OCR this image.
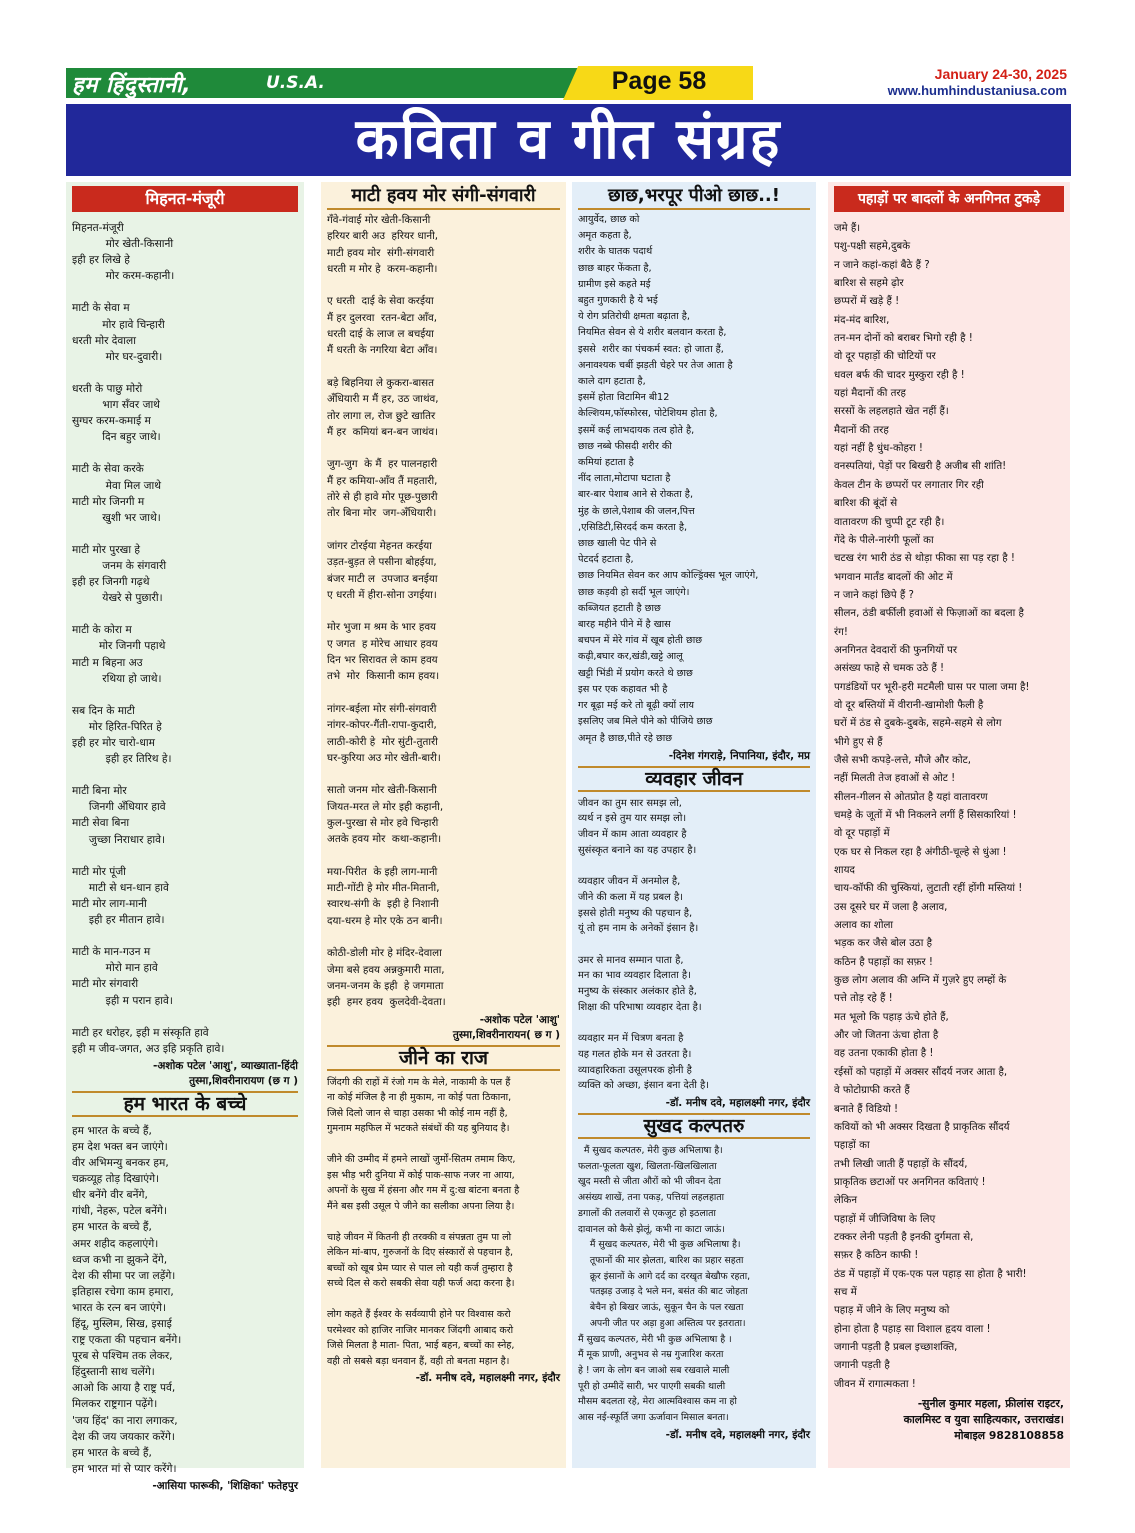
हम हिंदुस्तानी,	U.S.A.	Page 58	January 24-30, 2025
www.humhindustaniusa.com
कविता व गीत संग्रह
मिहनत-मंजूरी
मिहनत-मंजूरी
मोर खेती-किसानी
इही हर लिखे हे
मोर करम-कहानी।

माटी के सेवा म
मोर हावे चिन्हारी
धरती मोर देवाला
मोर घर-दुवारी।

धरती के पाछु मोरो
भाग सँवर जाथे
सुग्घर करम-कमाई म
दिन बहुर जाथे।

माटी के सेवा करके
मेवा मिल जाथे
माटी मोर जिनगी म
खुशी भर जाथे।

माटी मोर पुरखा हे
जनम के संगवारी
इही हर जिनगी गढ़थे
येखरे से पुछारी।

माटी के कोरा म
मोर जिनगी पहाथे
माटी म बिहना अउ
रथिया हो जाथे।

सब दिन के माटी
मोर हिरित-पिरित हे
इही हर मोर चारो-धाम
इही हर तिरिथ हे।

माटी बिना मोर
जिनगी अँधियार हावे
माटी सेवा बिना
जुच्छा निराधार हावे।

माटी मोर पूंजी
माटी से धन-धान हावे
माटी मोर लाग-मानी
इही हर मीतान हावे।

माटी के मान-गउन म
मोरो मान हावे
माटी मोर संगवारी
इही म परान हावे।

माटी हर धरोहर, इही म संस्कृति हावे
इही म जीव-जगत, अउ इहि प्रकृति हावे।
-अशोक पटेल 'आशु', व्याख्याता-हिंदी
तुस्मा,शिवरीनारायण (छ ग )
हम भारत के बच्चे
हम भारत के बच्चे हैं,
हम देश भक्त बन जाएंगे।
वीर अभिमन्यु बनकर हम,
चक्रव्यूह तोड़ दिखाएंगे।
धीर बनेंगे वीर बनेंगे,
गांधी, नेहरू, पटेल बनेंगे।
हम भारत के बच्चे हैं,
अमर शहीद कहलाएंगे।
ध्वज कभी ना झुकने देंगे,
देश की सीमा पर जा लड़ेंगे।
इतिहास रचेगा काम हमारा,
भारत के रत्न बन जाएंगे।
हिंदू, मुस्लिम, सिख, इसाई
राष्ट्र एकता की पहचान बनेंगे।
पूरब से पश्चिम तक लेकर,
हिंदुस्तानी साथ चलेंगे।
आओ कि आया है राष्ट्र पर्व,
मिलकर राष्ट्रगान पढ़ेंगे।
'जय हिंद' का नारा लगाकर,
देश की जय जयकार करेंगे।
हम भारत के बच्चे हैं,
हम भारत मां से प्यार करेंगे।
-आसिया फारूकी, 'शिक्षिका' फतेहपुर
माटी हवय मोर संगी-संगवारी
गँवे-गंवाई मोर खेती-किसानी
हरियर बारी अउ  हरियर धानी,
माटी हवय मोर  संगी-संगवारी
धरती म मोर हे  करम-कहानी।

ए धरती  दाई के सेवा करईया
मैं हर दुलरवा  रतन-बेटा आँव,
धरती दाई के लाज ल बचईया
मैं धरती के नगरिया बेटा आँव।

बड़े बिहनिया ले कुकरा-बासत
अँधियारी म मैं हर, उठ जाथंव,
तोर लागा ल, रोज छुटे खातिर
मैं हर  कमियां बन-बन जाथंव।

जुग-जुग  के मैं  हर पालनहारी
मैं हर कमिया-आँव तैं महतारी,
तोरे से ही हावे मोर पूछ-पुछारी
तोर बिना मोर  जग-अँधियारी।

जांगर टोरईया मेहनत करईया
उड़त-बुड़त ले पसीना बोहईया,
बंजर माटी ल  उपजाउ बनईया
ए धरती में हीरा-सोना उगईया।

मोर भुजा म श्रम के भार हवय
ए जगत  ह मोरेच आधार हवय
दिन भर सिरावत ले काम हवय
तभे  मोर  किसानी काम हवय।

नांगर-बईला मोर संगी-संगवारी
नांगर-कोपर-गैंती-रापा-कुदारी,
लाठी-कोरी हे  मोर सुंटी-तुतारी
घर-कुरिया अउ मोर खेती-बारी।

सातो जनम मोर खेती-किसानी
जियत-मरत ले मोर इही कहानी,
कुल-पुरखा से मोर हवे चिन्हारी
अतके हवय मोर  कथा-कहानी।

मया-पिरीत  के इही लाग-मानी
माटी-गोंटी हे मोर मीत-मितानी,
स्वारथ-संगी के  इही हे निशानी
दया-धरम हे मोर एके ठन बानी।

कोठी-डोली मोर हे मंदिर-देवाला
जेमा बसे हवय अन्नकुमारी माता,
जनम-जनम के इही  हे जगमाता
इही  हमर हवय  कुलदेवी-देवता।
-अशोक पटेल 'आशु'
तुस्मा,शिवरीनारायन( छ ग )
जीने का राज
जिंदगी की राहों में रंजो गम के मेले, नाकामी के पल हैं
ना कोई मंजिल है ना ही मुकाम, ना कोई पता ठिकाना,
जिसे दिलो जान से चाहा उसका भी कोई नाम नहीं है,
गुमनाम महफिल में भटकते संबंधों की यह बुनियाद है।

जीने की उम्मीद में हमने लाखों जुर्मों-सितम तमाम किए,
इस भीड़ भरी दुनिया में कोई पाक-साफ नजर ना आया,
अपनों के सुख में हंसना और गम में दु:ख बांटना बनता है
मैंने बस इसी उसूल पे जीने का सलीका अपना लिया है।

चाहे जीवन में कितनी ही तरक्की व संपन्नता तुम पा लो
लेकिन मां-बाप, गुरुजनों के दिए संस्कारों से पहचान है,
बच्चों को खूब प्रेम प्यार से पाल लो यही कर्ज तुम्हारा है
सच्चे दिल से करो सबकी सेवा यही फर्ज अदा करना है।

लोग कहते हैं ईश्वर के सर्वव्यापी होने पर विश्वास करो
परमेश्वर को हाजिर नाजिर मानकर जिंदगी आबाद करो
जिसे मिलता है माता- पिता, भाई बहन, बच्चों का स्नेह,
वही तो सबसे बड़ा धनवान हैं, वही तो बनता महान है।
-डॉ. मनीष दवे, महालक्ष्मी नगर, इंदौर
छाछ,भरपूर पीओ छाछ..!
आयुर्वेद, छाछ को
अमृत कहता है,
शरीर के घातक पदार्थ
छाछ बाहर फेंकता है,
ग्रामीण इसे कहते मई
बहुत गुणकारी है ये भई
ये रोग प्रतिरोधी क्षमता बढ़ाता है,
नियमित सेवन से ये शरीर बलवान करता है,
इससे  शरीर का पंचकर्म स्वत: हो जाता हैं,
अनावश्यक चर्बी झड़ती चेहरे पर तेज आता है
काले दाग हटाता है,
इसमें होता विटामिन बी12
केल्शियम,फॉस्फोरस, पोटेशियम होता है,
इसमें कई लाभदायक तत्व होते है,
छाछ नब्बे फीसदी शरीर की
कमियां हटाता है
नींद लाता,मोटापा घटाता है
बार-बार पेशाब आने से रोकता है,
मुंह के छाले,पेशाब की जलन,पित्त
,एसिडिटी,सिरदर्द कम करता है,
छाछ खाली पेट पीने से
पेटदर्द हटाता है,
छाछ नियमित सेवन कर आप कोल्ड्रिंक्स भूल जाएंगे,
छाछ कड़वी हो सर्दी भूल जाएंगे।
कब्जियत हटाती है छाछ
बारह महीने पीने में है खास
बचपन में मेरे गांव में खूब होती छाछ
कढ़ी,बघार कर,खंडी,खट्टे आलू
खट्टी भिंडी में प्रयोग करते थे छाछ
इस पर एक कहावत भी है
गर बूढ़ा मई करे तो बूढ़ी क्यों लाय
इसलिए जब मिले पीने को पीजिये छाछ
अमृत है छाछ,पीते रहे छाछ
-दिनेश गंगराड़े, निपानिया, इंदौर, मप्र
व्यवहार जीवन
जीवन का तुम सार समझ लो,
व्यर्थ न इसे तुम यार समझ लो।
जीवन में काम आता व्यवहार है
सुसंस्कृत बनाने का यह उपहार है।

व्यवहार जीवन में अनमोल है,
जीने की कला में यह प्रबल है।
इससे होती मनुष्य की पहचान है,
यूं तो हम नाम के अनेकों इंसान है।

उमर से मानव सम्मान पाता है,
मन का भाव व्यवहार दिलाता है।
मनुष्य के संस्कार अलंकार होते है,
शिक्षा की परिभाषा व्यवहार देता है।

व्यवहार मन में चित्रण बनता है
यह गलत होके मन से उतरता है।
व्यावहारिकता उसूलपरक होनी है
व्यक्ति को अच्छा, इंसान बना देती है।
-डॉ. मनीष दवे, महालक्ष्मी नगर, इंदौर
सुखद कल्पतरु
मैं सुखद कल्पतरु, मेरी कुछ अभिलाषा है।
फलता-फूलता खुश, खिलता-खिलखिलाता
खुद मस्ती से जीता औरों को भी जीवन देता
असंख्य शाखें, तना पकड़, पत्तियां लहलहाता
डगालों की तलवारों से एकजुट हो इठलाता
दावानल को कैसे झेलूं, कभी ना काटा जाऊं।
मैं सुखद कल्पतरु, मेरी भी कुछ अभिलाषा है।
तूफानों की मार झेलता, बारिश का प्रहार सहता
क्रूर इंसानों के आगे दर्द का दरखृत बेखौफ रहता,
पतझड़ उजाड़ दे भले मन, बसंत की बाट जोहता
बेचैन हो बिखर जाऊं, सुकून चैन के पल रखता
अपनी जीत पर अड़ा हुआ अस्तित्व पर इतराता।
मैं सुखद कल्पतरु, मेरी भी कुछ अभिलाषा है ।
मैं मूक प्राणी, अनुभव से नम्र गुजारिश करता
हे ! जग के लोग बन जाओ सब रखवाले माली
पूरी हो उम्मीदें सारी, भर पाएगी सबकी थाली
मौसम बदलता रहे, मेरा आत्मविश्वास कम ना हो
आस नई-स्फूर्ति जगा ऊर्जावान मिसाल बनता।
-डॉ. मनीष दवे, महालक्ष्मी नगर, इंदौर
पहाड़ों पर बादलों के अनगिनत टुकड़े
जमे हैं।
पशु-पक्षी सहमे,दुबके
न जाने कहां-कहां बैठे हैं ?
बारिश से सहमे ढ़ोर
छप्परों में खड़े हैं !
मंद-मंद बारिश,
तन-मन दोनों को बराबर भिगो रही है !
वो दूर पहाड़ों की चोटियों पर
धवल बर्फ की चादर मुस्कुरा रही है !
यहां मैदानों की तरह
सरसों के लहलहाते खेत नहीं हैं।
मैदानों की तरह
यहां नहीं है धुंध-कोहरा !
वनस्पतियां, पेड़ों पर बिखरी है अजीब सी शांति!
केवल टीन के छप्परों पर लगातार गिर रही
बारिश की बूंदों से
वातावरण की चुप्पी टूट रही है।
गेंदे के पीले-नारंगी फूलों का
चटख रंग भारी ठंड से थोड़ा फीका सा पड़ रहा है !
भगवान मार्तंड बादलों की ओट में
न जाने कहां छिपे हैं ?
सीलन, ठंडी बर्फीली हवाओं से फिज़ाओं का बदला है
रंग!
अनगिनत देवदारों की फुनगियों पर
असंख्य फाहे से चमक उठे हैं !
पगडंडियों पर भूरी-हरी मटमैली घास पर पाला जमा है!
वो दूर बस्तियों में वीरानी-खामोशी फैली है
घरों में ठंड से दुबके-दुबके, सहमे-सहमे से लोग
भीगे हुए से हैं
जैसे सभी कपड़े-लत्ते, मौजे और कोट,
नहीं मिलती तेज हवाओं से ओट !
सीलन-गीलन से ओतप्रोत है यहां वातावरण
चमड़े के जूतों में भी निकलने लगीं हैं सिसकारियां !
वो दूर पहाड़ों में
एक घर से निकल रहा है अंगीठी-चूल्हे से धुंआ !
शायद
चाय-कॉफी की चुस्कियां, लुटाती रहीं होंगी मस्तियां !
उस दूसरे घर में जला है अलाव,
अलाव का शोला
भड़क कर जैसे बोल उठा है
कठिन है पहाड़ों का सफ़र !
कुछ लोग अलाव की अग्नि में गुज़रे हुए लम्हों के
पत्ते तोड़ रहे हैं !
मत भूलो कि पहाड़ ऊंचे होते हैं,
और जो जितना ऊंचा होता है
वह उतना एकाकी होता है !
रईसों को पहाड़ों में अक्सर सौंदर्य नजर आता है,
वे फोटोग्राफी करते हैं
बनाते हैं विडियो !
कवियों को भी अक्सर दिखता है प्राकृतिक सौंदर्य
पहाड़ों का
तभी लिखी जाती हैं पहाड़ों के सौंदर्य,
प्राकृतिक छटाओं पर अनगिनत कविताएं !
लेकिन
पहाड़ों में जीजिविषा के लिए
टक्कर लेनी पड़ती है इनकी दुर्गमता से,
सफ़र है कठिन काफी !
ठंड में पहाड़ों में एक-एक पल पहाड़ सा होता है भारी!
सच में
पहाड़ में जीने के लिए मनुष्य को
होना होता है पहाड़ सा विशाल हृदय वाला !
जगानी पड़ती है प्रबल इच्छाशक्ति,
जगानी पड़ती है
जीवन में रागात्मकता !
-सुनील कुमार महला, फ्रीलांस राइटर,
कालमिस्ट व युवा साहित्यकार, उत्तराखंड।
मोबाइल 9828108858
